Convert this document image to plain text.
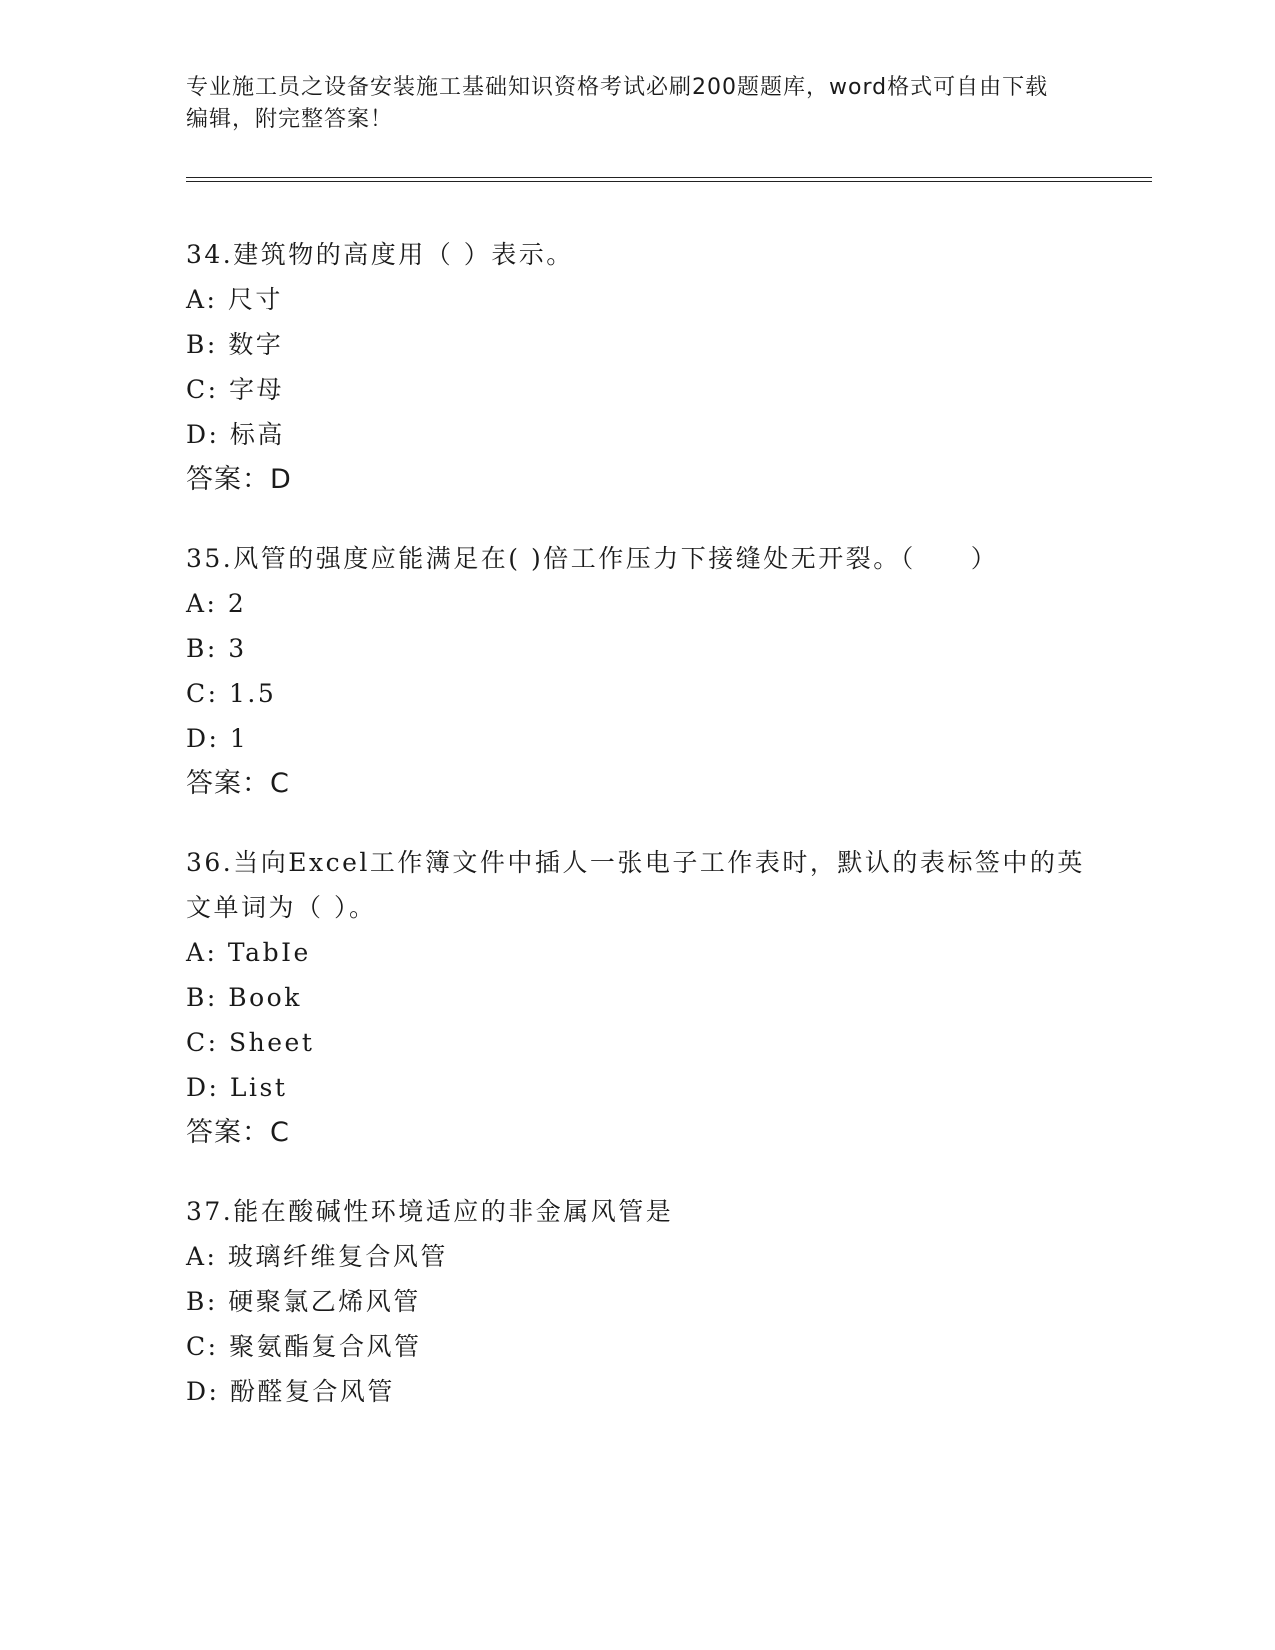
专业施工员之设备安装施工基础知识资格考试必刷200题题库，word格式可自由下载编辑，附完整答案！

34.建筑物的高度用（ ）表示。

A: 尺寸

B: 数字

C: 字母

D: 标高

答案：D

35.风管的强度应能满足在( )倍工作压力下接缝处无开裂。（　　）

A: 2

B: 3

C: 1.5

D: 1

答案：C

36.当向Excel工作簿文件中插人一张电子工作表时，默认的表标签中的英文单词为（ ）。

A: TabIe

B: Book

C: Sheet

D: List

答案：C

37.能在酸碱性环境适应的非金属风管是

A: 玻璃纤维复合风管

B: 硬聚氯乙烯风管

C: 聚氨酯复合风管

D: 酚醛复合风管
